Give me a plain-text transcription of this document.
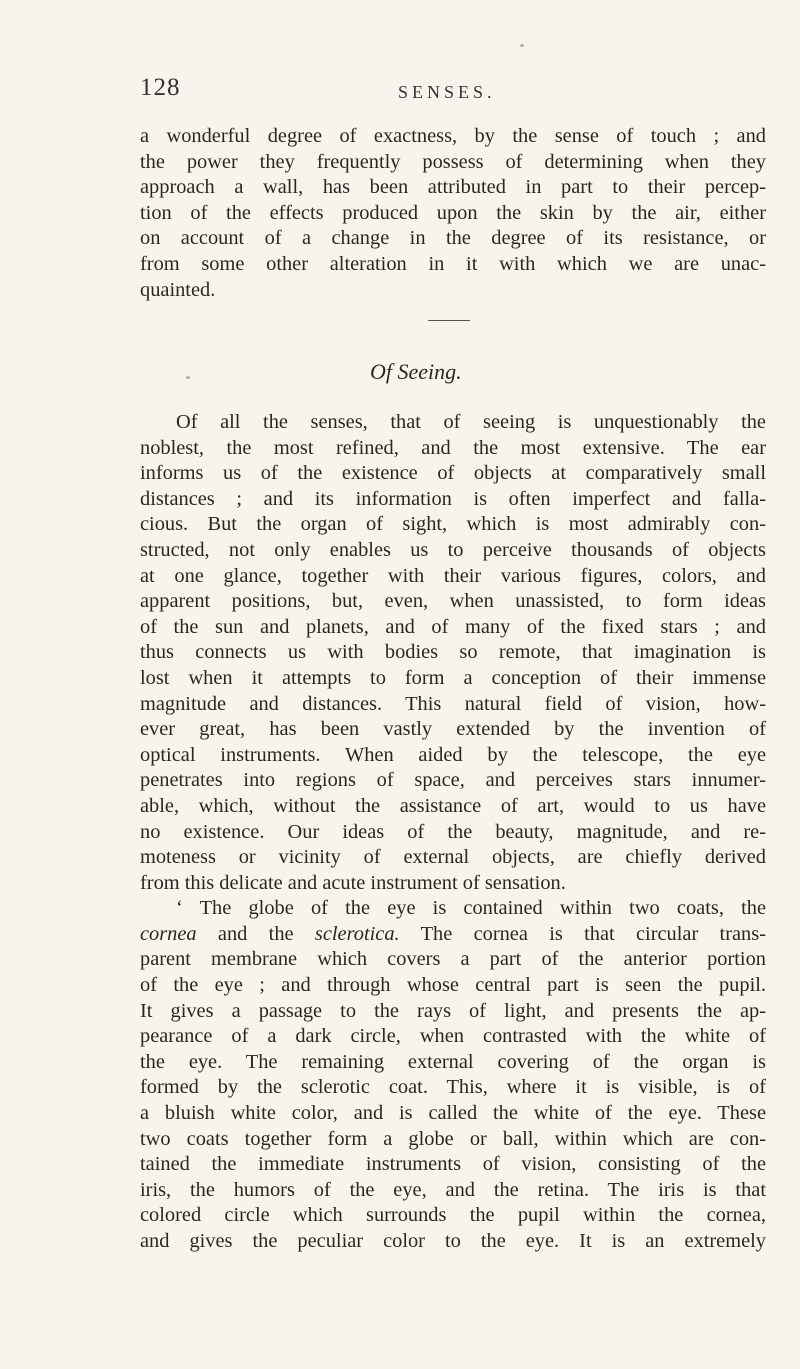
128	SENSES.
a wonderful degree of exactness, by the sense of touch ; and
the power they frequently possess of determining when they
approach a wall, has been attributed in part to their percep-
tion of the effects produced upon the skin by the air, either
on account of a change in the degree of its resistance, or
from some other alteration in it with which we are unac-
quainted.
Of Seeing.
Of all the senses, that of seeing is unquestionably the
noblest, the most refined, and the most extensive. The ear
informs us of the existence of objects at comparatively small
distances ; and its information is often imperfect and falla-
cious. But the organ of sight, which is most admirably con-
structed, not only enables us to perceive thousands of objects
at one glance, together with their various figures, colors, and
apparent positions, but, even, when unassisted, to form ideas
of the sun and planets, and of many of the fixed stars ; and
thus connects us with bodies so remote, that imagination is
lost when it attempts to form a conception of their immense
magnitude and distances. This natural field of vision, how-
ever great, has been vastly extended by the invention of
optical instruments. When aided by the telescope, the eye
penetrates into regions of space, and perceives stars innumer-
able, which, without the assistance of art, would to us have
no existence. Our ideas of the beauty, magnitude, and re-
moteness or vicinity of external objects, are chiefly derived
from this delicate and acute instrument of sensation.
‘ The globe of the eye is contained within two coats, the
cornea and the sclerotica. The cornea is that circular trans-
parent membrane which covers a part of the anterior portion
of the eye ; and through whose central part is seen the pupil.
It gives a passage to the rays of light, and presents the ap-
pearance of a dark circle, when contrasted with the white of
the eye. The remaining external covering of the organ is
formed by the sclerotic coat. This, where it is visible, is of
a bluish white color, and is called the white of the eye. These
two coats together form a globe or ball, within which are con-
tained the immediate instruments of vision, consisting of the
iris, the humors of the eye, and the retina. The iris is that
colored circle which surrounds the pupil within the cornea,
and gives the peculiar color to the eye. It is an extremely
